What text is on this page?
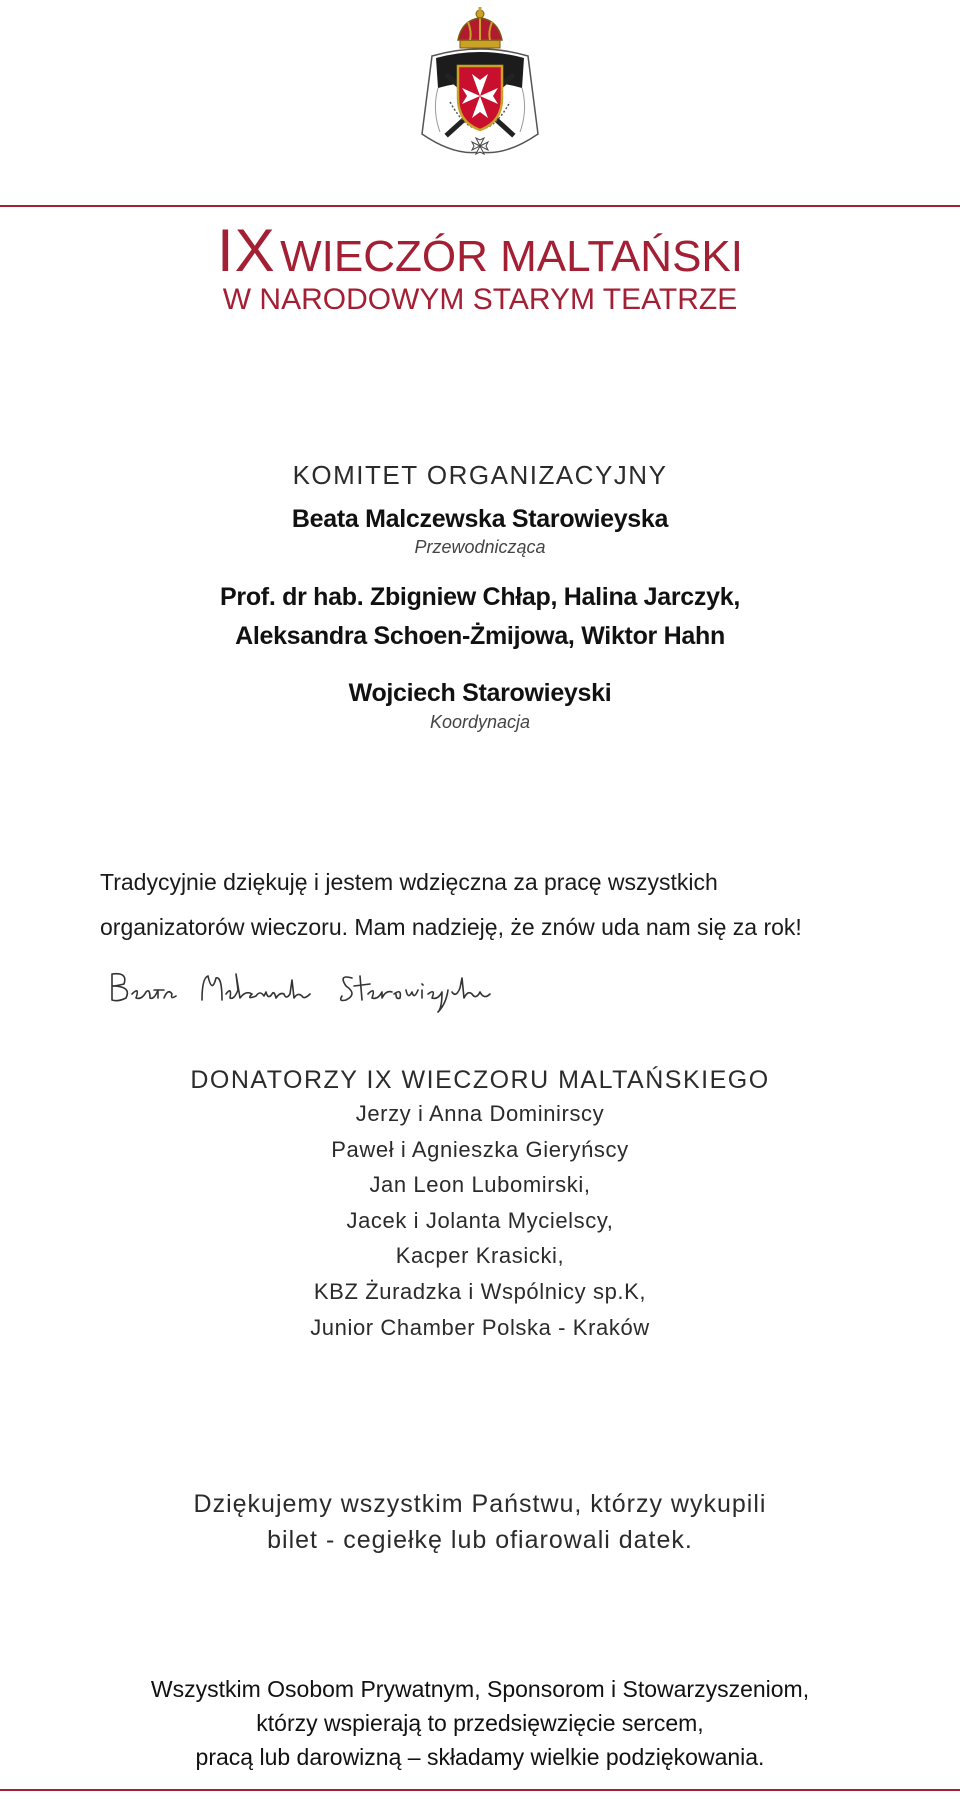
IX WIECZÓR MALTAŃSKI
W NARODOWYM STARYM TEATRZE
KOMITET ORGANIZACYJNY
Beata Malczewska Starowieyska
Przewodnicząca
Prof. dr hab. Zbigniew Chłap, Halina Jarczyk,
Aleksandra Schoen-Żmijowa, Wiktor Hahn
Wojciech Starowieyski
Koordynacja
Tradycyjnie dziękuję i jestem wdzięczna za pracę wszystkich
organizatorów wieczoru. Mam nadzieję, że znów uda nam się za rok!
DONATORZY IX WIECZORU MALTAŃSKIEGO
Jerzy i Anna Dominirscy
Paweł i Agnieszka Gieryńscy
Jan Leon Lubomirski,
Jacek i Jolanta Mycielscy,
Kacper Krasicki,
KBZ Żuradzka i Wspólnicy sp.K,
Junior Chamber Polska - Kraków
Dziękujemy wszystkim Państwu, którzy wykupili
bilet - cegiełkę lub ofiarowali datek.
Wszystkim Osobom Prywatnym, Sponsorom i Stowarzyszeniom,
którzy wspierają to przedsięwzięcie sercem,
pracą lub darowizną – składamy wielkie podziękowania.
